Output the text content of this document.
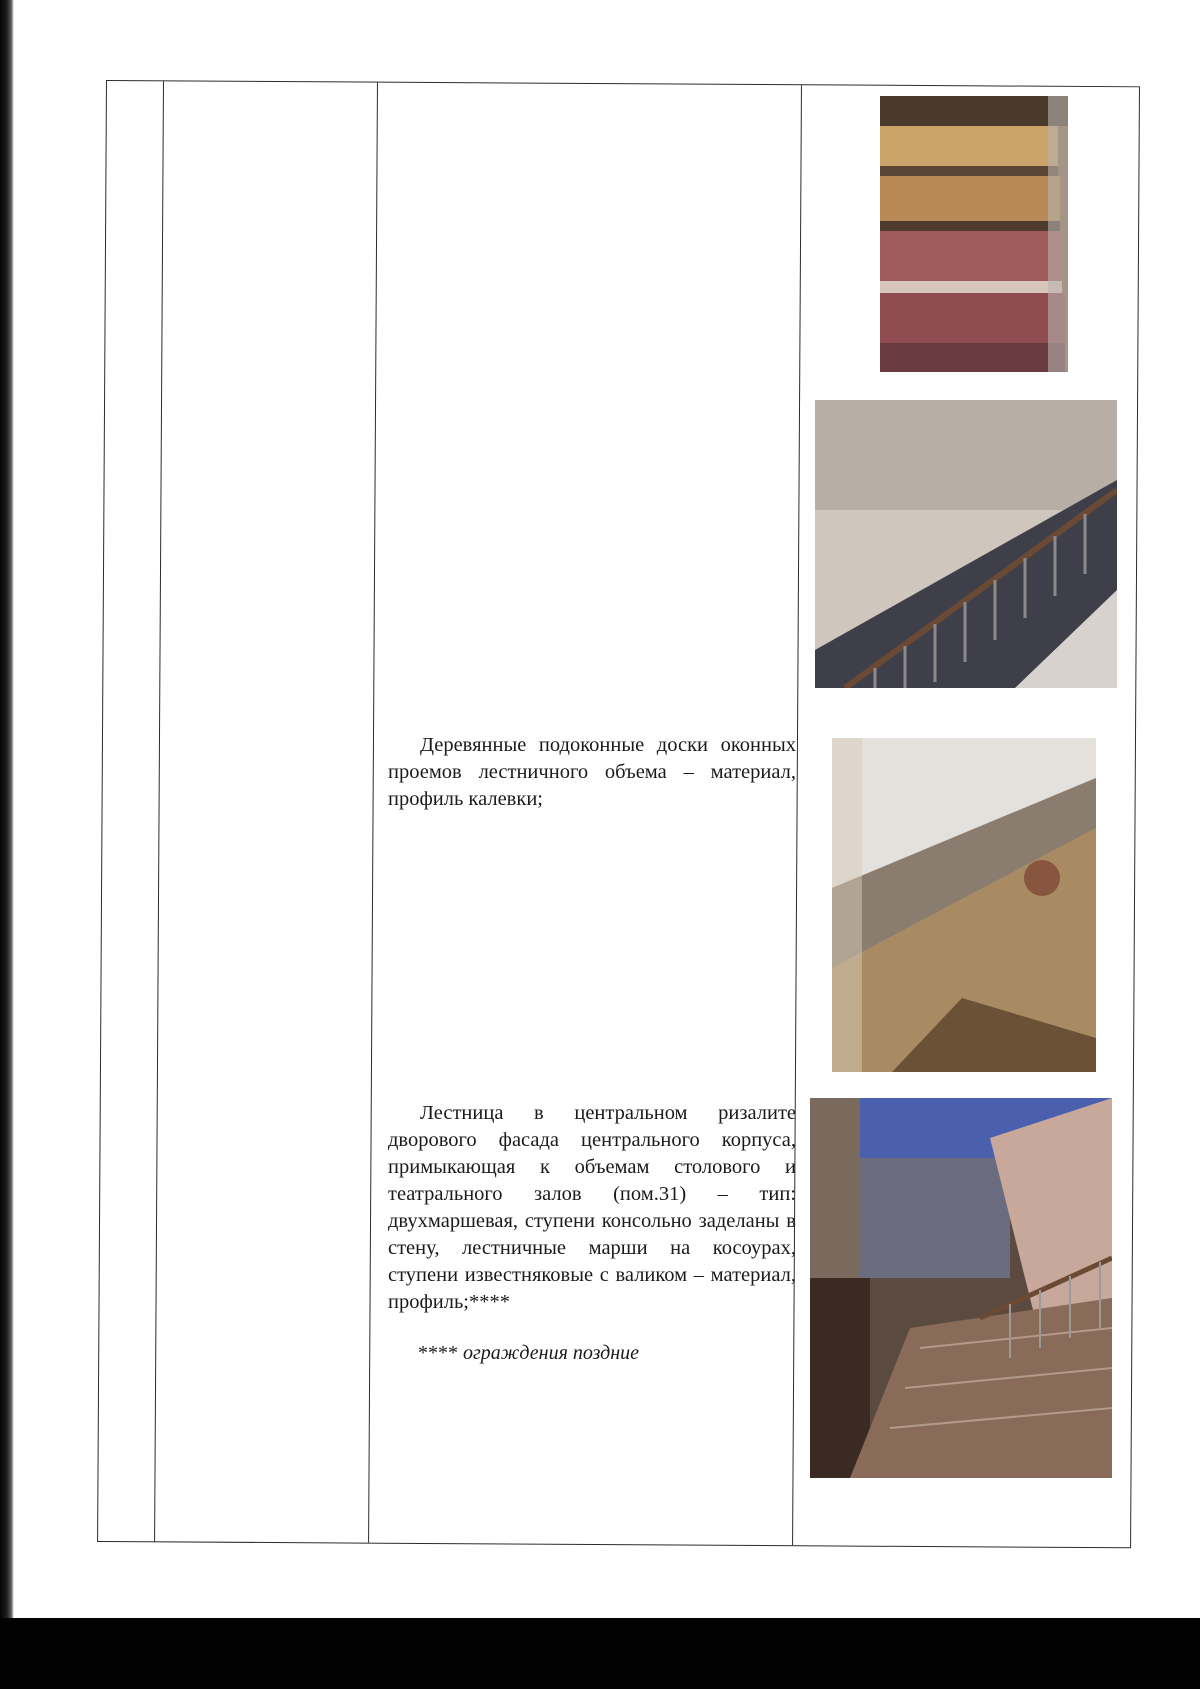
Деревянные подоконные доски оконных проемов лестничного объема – материал, профиль калевки;

Лестница в центральном ризалите дворового фасада центрального корпуса, примыкающая к объемам столового и театрального залов (пом.31) – тип: двухмаршевая, ступени консольно заделаны в стену, лестничные марши на косоурах, ступени известняковые с валиком – материал, профиль;****

**** ограждения поздние
